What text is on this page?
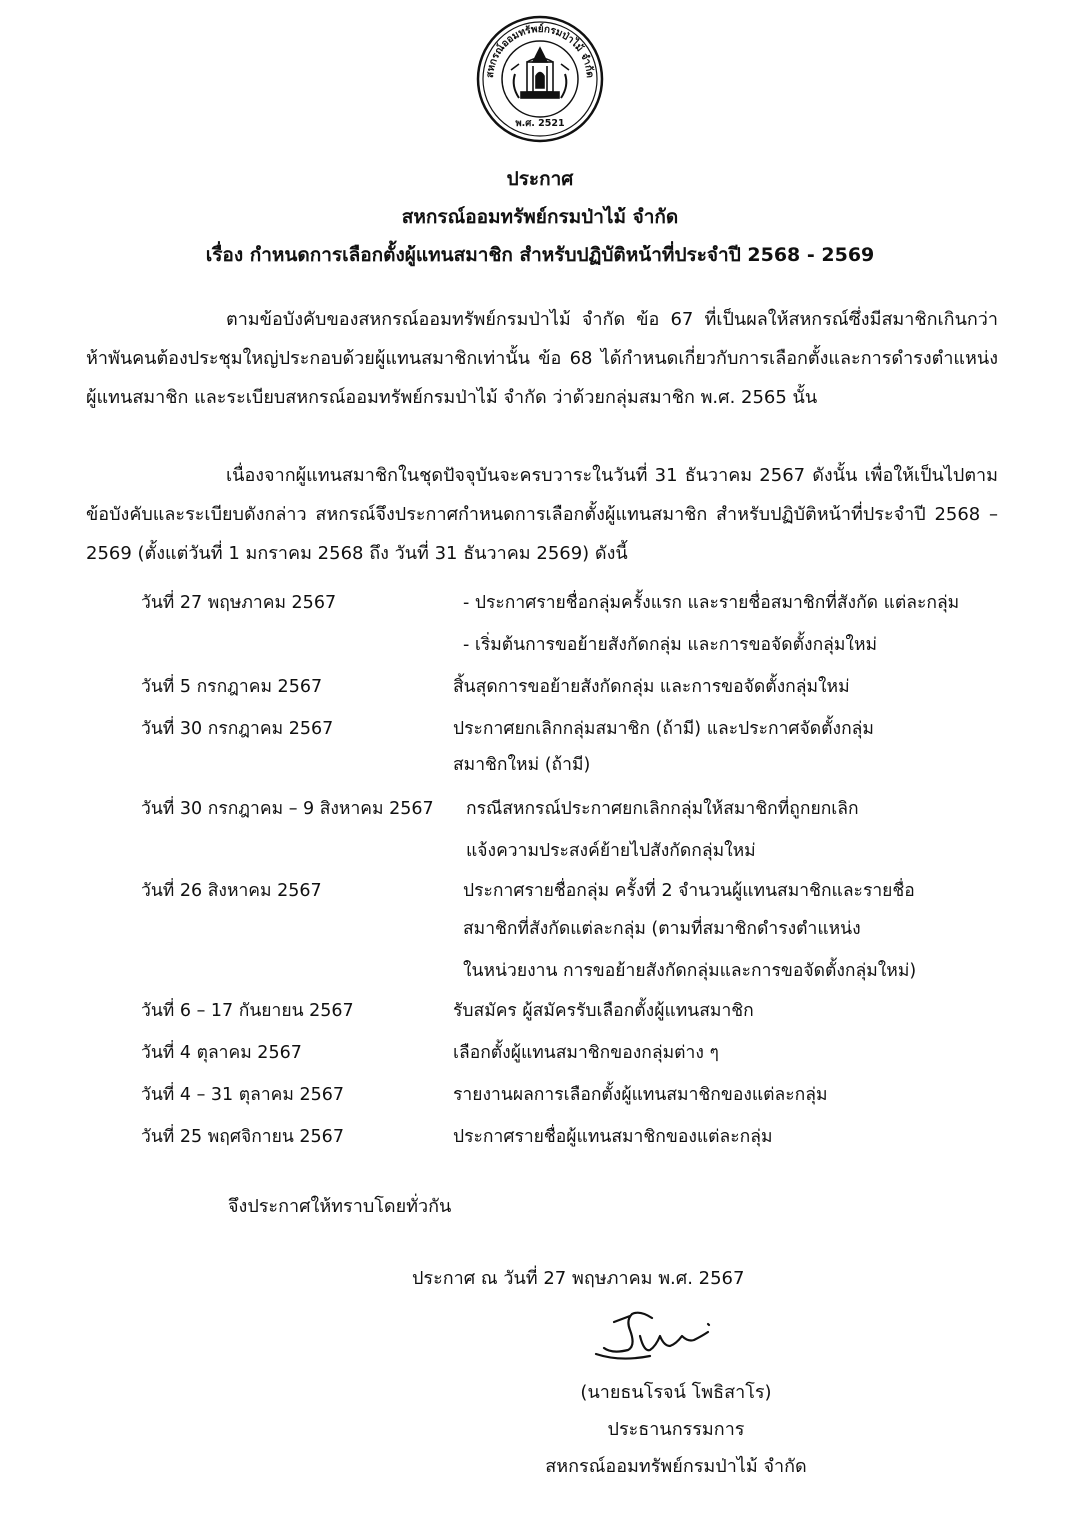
สหกรณ์ออมทรัพย์กรมป่าไม้ จำกัด
พ.ศ. 2521
ประกาศ
สหกรณ์ออมทรัพย์กรมป่าไม้ จำกัด
เรื่อง กำหนดการเลือกตั้งผู้แทนสมาชิก สำหรับปฏิบัติหน้าที่ประจำปี 2568 - 2569
ตามข้อบังคับของสหกรณ์ออมทรัพย์กรมป่าไม้ จำกัด ข้อ 67 ที่เป็นผลให้สหกรณ์ซึ่งมีสมาชิกเกินกว่าห้าพันคนต้องประชุมใหญ่ประกอบด้วยผู้แทนสมาชิกเท่านั้น ข้อ 68 ได้กำหนดเกี่ยวกับการเลือกตั้งและการดำรงตำแหน่งผู้แทนสมาชิก และระเบียบสหกรณ์ออมทรัพย์กรมป่าไม้ จำกัด ว่าด้วยกลุ่มสมาชิก พ.ศ. 2565 นั้น
เนื่องจากผู้แทนสมาชิกในชุดปัจจุบันจะครบวาระในวันที่ 31 ธันวาคม 2567 ดังนั้น เพื่อให้เป็นไปตามข้อบังคับและระเบียบดังกล่าว สหกรณ์จึงประกาศกำหนดการเลือกตั้งผู้แทนสมาชิก สำหรับปฏิบัติหน้าที่ประจำปี 2568 – 2569 (ตั้งแต่วันที่ 1 มกราคม 2568 ถึง วันที่ 31 ธันวาคม 2569) ดังนี้
วันที่ 27 พฤษภาคม 2567	- ประกาศรายชื่อกลุ่มครั้งแรก และรายชื่อสมาชิกที่สังกัด แต่ละกลุ่ม
- เริ่มต้นการขอย้ายสังกัดกลุ่ม และการขอจัดตั้งกลุ่มใหม่
วันที่ 5 กรกฎาคม 2567	สิ้นสุดการขอย้ายสังกัดกลุ่ม และการขอจัดตั้งกลุ่มใหม่
วันที่ 30 กรกฎาคม 2567	ประกาศยกเลิกกลุ่มสมาชิก (ถ้ามี) และประกาศจัดตั้งกลุ่ม
สมาชิกใหม่ (ถ้ามี)
วันที่ 30 กรกฎาคม – 9 สิงหาคม 2567 กรณีสหกรณ์ประกาศยกเลิกกลุ่มให้สมาชิกที่ถูกยกเลิก
แจ้งความประสงค์ย้ายไปสังกัดกลุ่มใหม่
วันที่ 26 สิงหาคม 2567	ประกาศรายชื่อกลุ่ม ครั้งที่ 2 จำนวนผู้แทนสมาชิกและรายชื่อ
สมาชิกที่สังกัดแต่ละกลุ่ม (ตามที่สมาชิกดำรงตำแหน่ง
ในหน่วยงาน การขอย้ายสังกัดกลุ่มและการขอจัดตั้งกลุ่มใหม่)
วันที่ 6 – 17 กันยายน 2567	รับสมัคร ผู้สมัครรับเลือกตั้งผู้แทนสมาชิก
วันที่ 4 ตุลาคม 2567	เลือกตั้งผู้แทนสมาชิกของกลุ่มต่าง ๆ
วันที่ 4 – 31 ตุลาคม 2567	รายงานผลการเลือกตั้งผู้แทนสมาชิกของแต่ละกลุ่ม
วันที่ 25 พฤศจิกายน 2567	ประกาศรายชื่อผู้แทนสมาชิกของแต่ละกลุ่ม
จึงประกาศให้ทราบโดยทั่วกัน
ประกาศ ณ วันที่ 27 พฤษภาคม พ.ศ. 2567
(นายธนโรจน์ โพธิสาโร)
ประธานกรรมการ
สหกรณ์ออมทรัพย์กรมป่าไม้ จำกัด
